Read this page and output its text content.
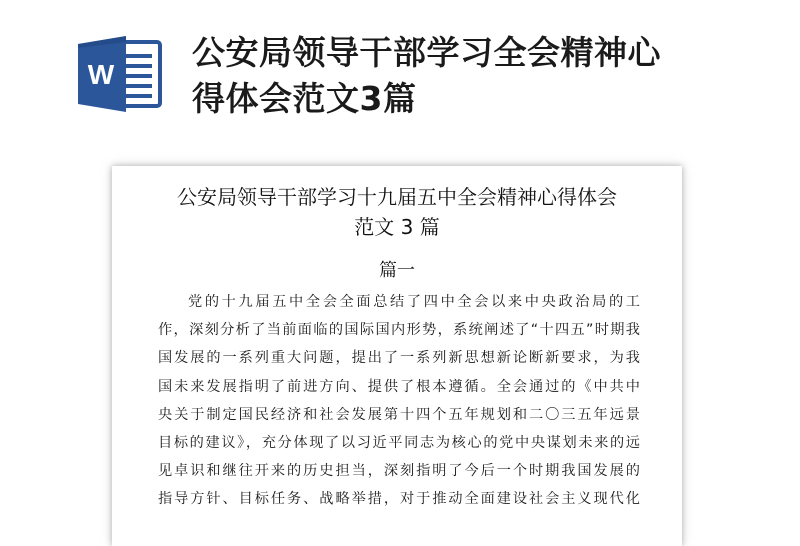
W
公安局领导干部学习全会精神心
得体会范文3篇
公安局领导干部学习十九届五中全会精神心得体会
范文 3 篇
篇一
党的十九届五中全会全面总结了四中全会以来中央政治局的工
作，深刻分析了当前面临的国际国内形势，系统阐述了“十四五”时期我
国发展的一系列重大问题，提出了一系列新思想新论断新要求，为我
国未来发展指明了前进方向、提供了根本遵循。全会通过的《中共中
央关于制定国民经济和社会发展第十四个五年规划和二〇三五年远景
目标的建议》，充分体现了以习近平同志为核心的党中央谋划未来的远
见卓识和继往开来的历史担当，深刻指明了今后一个时期我国发展的
指导方针、目标任务、战略举措，对于推动全面建设社会主义现代化
